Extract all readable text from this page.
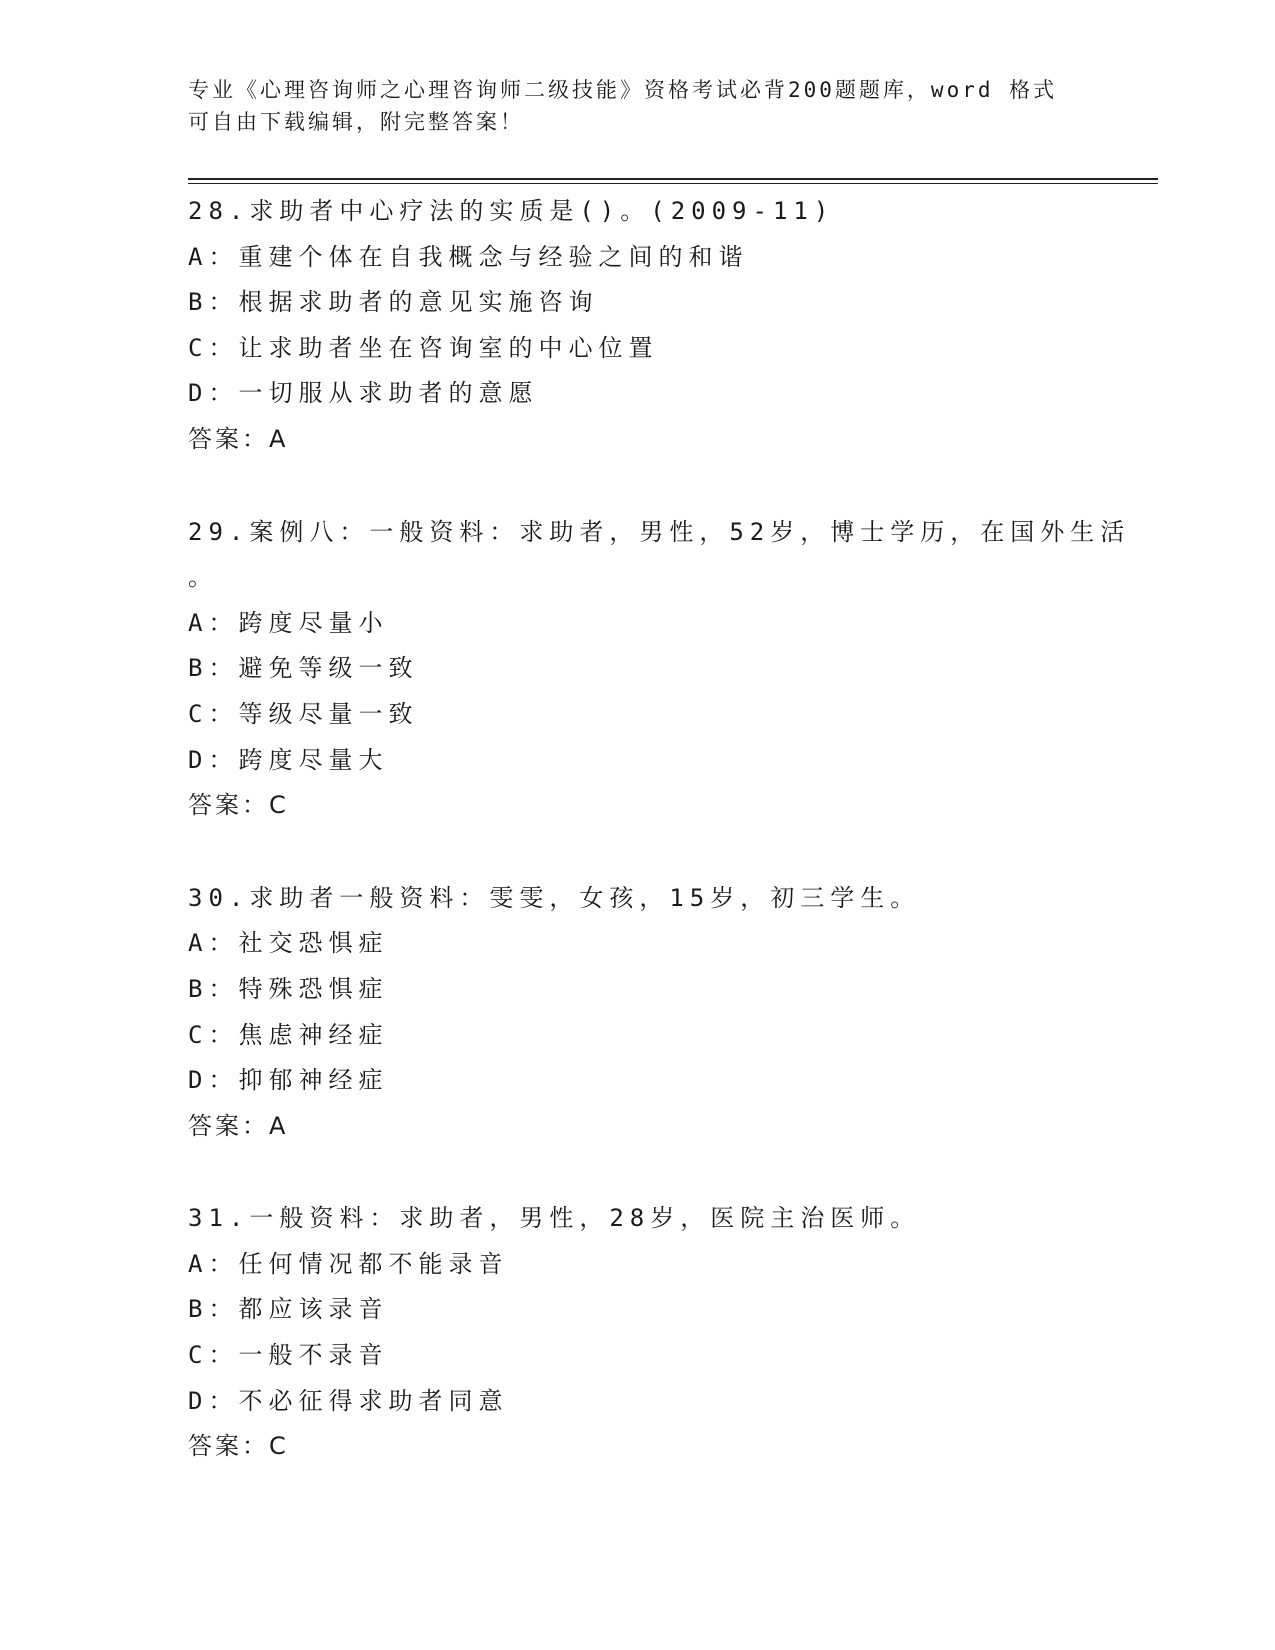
专业《心理咨询师之心理咨询师二级技能》资格考试必背200题题库，word 格式
可自由下载编辑，附完整答案！
28.求助者中心疗法的实质是()。(2009-11)
A：重建个体在自我概念与经验之间的和谐
B：根据求助者的意见实施咨询
C：让求助者坐在咨询室的中心位置
D：一切服从求助者的意愿
答案：A
29.案例八：一般资料：求助者，男性，52岁，博士学历，在国外生活
。
A：跨度尽量小
B：避免等级一致
C：等级尽量一致
D：跨度尽量大
答案：C
30.求助者一般资料：雯雯，女孩，15岁，初三学生。
A：社交恐惧症
B：特殊恐惧症
C：焦虑神经症
D：抑郁神经症
答案：A
31.一般资料：求助者，男性，28岁，医院主治医师。
A：任何情况都不能录音
B：都应该录音
C：一般不录音
D：不必征得求助者同意
答案：C
